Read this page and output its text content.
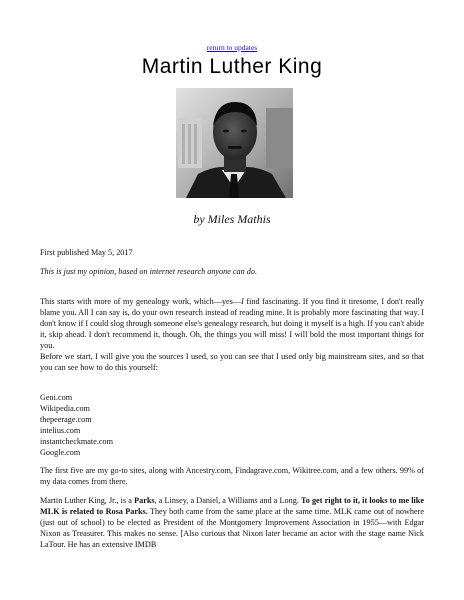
return to updates
Martin Luther King
by Miles Mathis
First published May 5, 2017
This is just my opinion, based on internet research anyone can do.
This starts with more of my genealogy work, which—yes—I find fascinating. If you find it tiresome, I don't really blame you. All I can say is, do your own research instead of reading mine. It is probably more fascinating that way. I don't know if I could slog through someone else's genealogy research, but doing it myself is a high. If you can't abide it, skip ahead. I don't recommend it, though. Oh, the things you will miss! I will bold the most important things for you.
Before we start, I will give you the sources I used, so you can see that I used only big mainstream sites, and so that you can see how to do this yourself:
Geni.com
Wikipedia.com
thepeerage.com
intelius.com
instantcheckmate.com
Google.com
The first five are my go-to sites, along with Ancestry.com, Findagrave.com, Wikitree.com, and a few others. 99% of my data comes from there.
Martin Luther King, Jr., is a Parks, a Linsey, a Daniel, a Williams and a Long. To get right to it, it looks to me like MLK is related to Rosa Parks. They both came from the same place at the same time. MLK came out of nowhere (just out of school) to be elected as President of the Montgomery Improvement Association in 1955—with Edgar Nixon as Treasurer. This makes no sense. [Also curious that Nixon later became an actor with the stage name Nick LaTour. He has an extensive IMDB
